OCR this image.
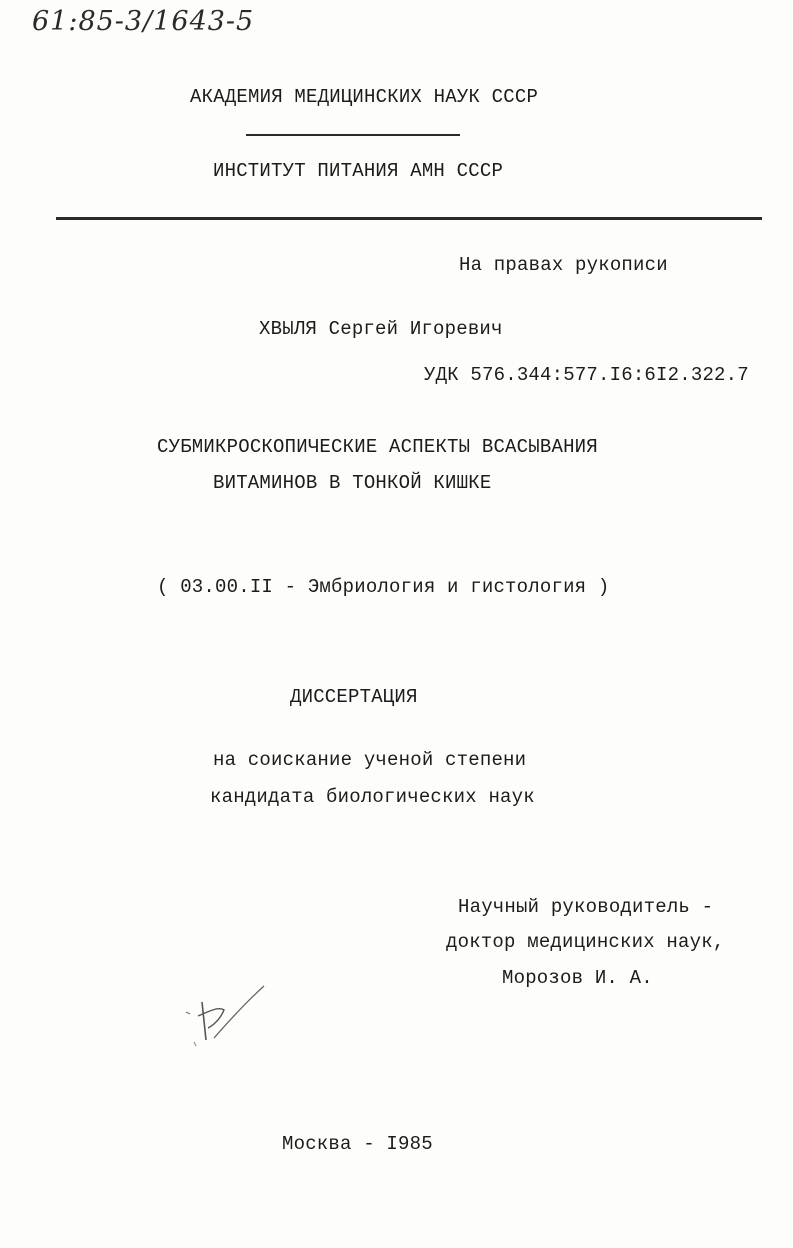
61:85-3/1643-5
АКАДЕМИЯ МЕДИЦИНСКИХ НАУК СССР
ИНСТИТУТ ПИТАНИЯ АМН СССР
На правах рукописи
ХВЫЛЯ Сергей Игоревич
УДК 576.344:577.I6:6I2.322.7
СУБМИКРОСКОПИЧЕСКИЕ АСПЕКТЫ ВСАСЫВАНИЯ
ВИТАМИНОВ В ТОНКОЙ КИШКЕ
( 03.00.II - Эмбриология и гистология )
ДИССЕРТАЦИЯ
на соискание ученой степени
кандидата биологических наук
Научный руководитель -
доктор медицинских наук,
Морозов И. А.
Москва - I985
